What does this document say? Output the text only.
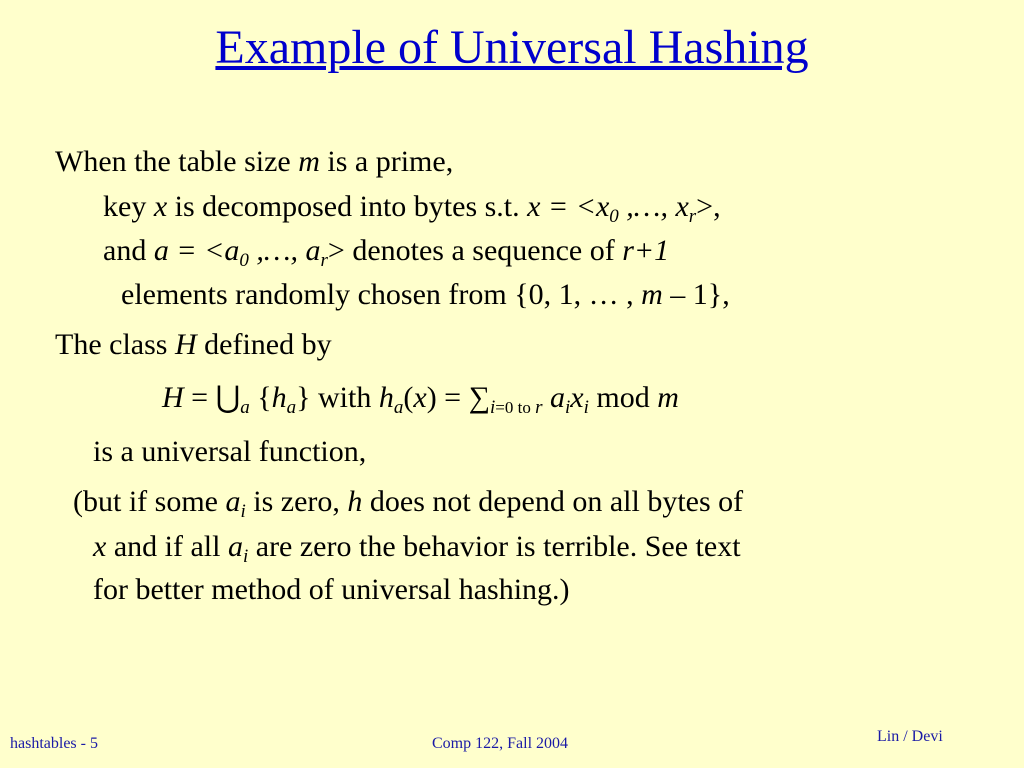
Example of Universal Hashing
When the table size m is a prime,
key x is decomposed into bytes s.t. $x = <x_0$ ,…, $x_r>$,
and $a = <a_0$ ,…, $a_r>$ denotes a sequence of r+1
elements randomly chosen from {0, 1, … , m – 1},
The class H defined by
$H = ⋃_a$ $\{h_a\}$ with $h_a(x) = \sum_{i=0 to r}$ $a_ix_i$ mod m
is a universal function,
(but if some $a_i$ is zero, h does not depend on all bytes of
x and if all $a_i$ are zero the behavior is terrible. See text
for better method of universal hashing.)
hashtables - 5	Comp 122, Fall 2004	Lin / Devi
